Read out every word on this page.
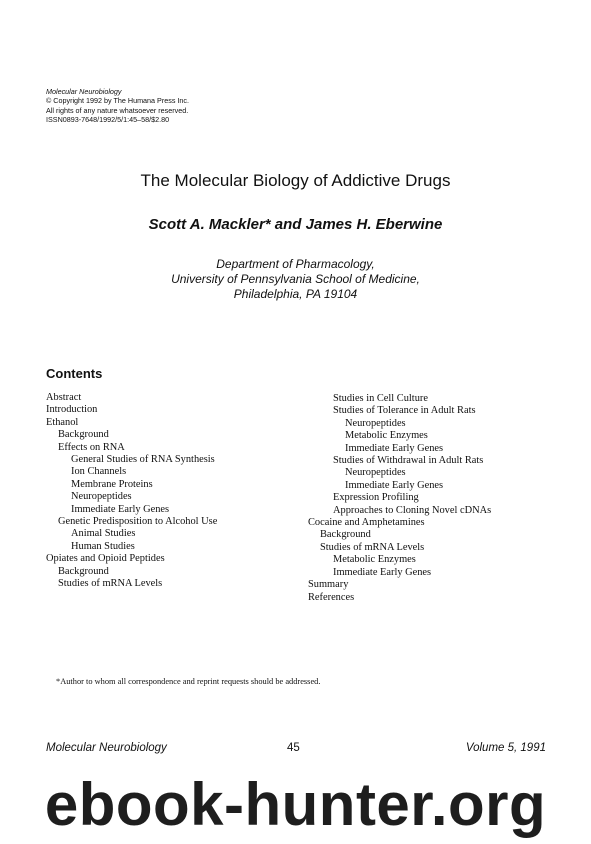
Molecular Neurobiology
© Copyright 1992 by The Humana Press Inc.
All rights of any nature whatsoever reserved.
ISSN0893-7648/1992/5/1:45–58/$2.80
The Molecular Biology of Addictive Drugs
Scott A. Mackler* and James H. Eberwine
Department of Pharmacology,
University of Pennsylvania School of Medicine,
Philadelphia, PA 19104
Contents
Abstract
Introduction
Ethanol
Background
Effects on RNA
General Studies of RNA Synthesis
Ion Channels
Membrane Proteins
Neuropeptides
Immediate Early Genes
Genetic Predisposition to Alcohol Use
Animal Studies
Human Studies
Opiates and Opioid Peptides
Background
Studies of mRNA Levels
Studies in Cell Culture
Studies of Tolerance in Adult Rats
Neuropeptides
Metabolic Enzymes
Immediate Early Genes
Studies of Withdrawal in Adult Rats
Neuropeptides
Immediate Early Genes
Expression Profiling
Approaches to Cloning Novel cDNAs
Cocaine and Amphetamines
Background
Studies of mRNA Levels
Metabolic Enzymes
Immediate Early Genes
Summary
References
*Author to whom all correspondence and reprint requests should be addressed.
Molecular Neurobiology	45	Volume 5, 1991
ebook-hunter.org
